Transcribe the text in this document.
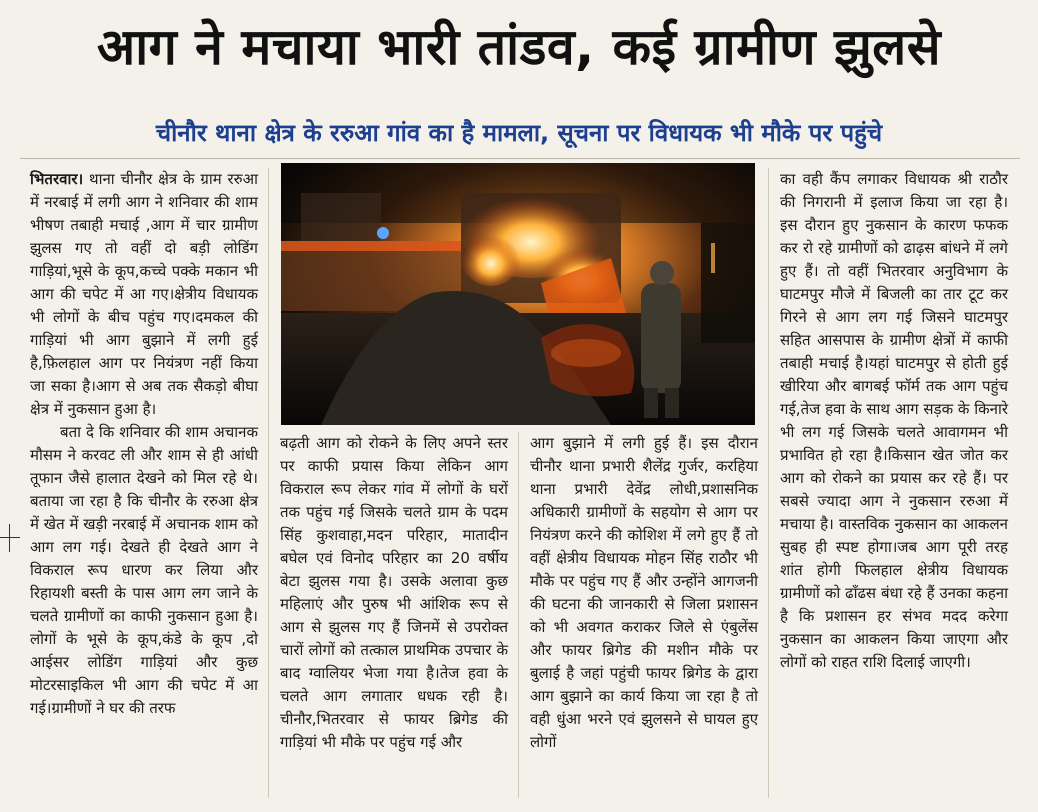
आग ने मचाया भारी तांडव, कई ग्रामीण झुलसे
चीनौर थाना क्षेत्र के ररुआ गांव का है मामला, सूचना पर विधायक भी मौके पर पहुंचे

भितरवार। थाना चीनौर क्षेत्र के ग्राम ररुआ में नरबाई में लगी आग ने शनिवार की शाम भीषण तबाही मचाई ,आग में चार ग्रामीण झुलस गए तो वहीं दो बड़ी लोडिंग गाड़ियां,भूसे के कूप,कच्चे पक्के मकान भी आग की चपेट में आ गए।क्षेत्रीय विधायक भी लोगों के बीच पहुंच गए।दमकल की गाड़ियां भी आग बुझाने में लगी हुई है,फ़िलहाल आग पर नियंत्रण नहीं किया जा सका है।आग से अब तक सैकड़ो बीघा क्षेत्र में नुकसान हुआ है।

बता दे कि शनिवार की शाम अचानक मौसम ने करवट ली और शाम से ही आंधी तूफान जैसे हालात देखने को मिल रहे थे।बताया जा रहा है कि चीनौर के ररुआ क्षेत्र में खेत में खड़ी नरबाई में अचानक शाम को आग लग गई। देखते ही देखते आग ने विकराल रूप धारण कर लिया और रिहायशी बस्ती के पास आग लग जाने के चलते ग्रामीणों का काफी नुकसान हुआ है। लोगों के भूसे के कूप,कंडे के कूप ,दो आईसर लोडिंग गाड़ियां और कुछ मोटरसाइकिल भी आग की चपेट में आ गई।ग्रामीणों ने घर की तरफ

बढ़ती आग को रोकने के लिए अपने स्तर पर काफी प्रयास किया लेकिन आग विकराल रूप लेकर गांव में लोगों के घरों तक पहुंच गई जिसके चलते ग्राम के पदम सिंह कुशवाहा,मदन परिहार, मातादीन बघेल एवं विनोद परिहार का 20 वर्षीय बेटा झुलस गया है। उसके अलावा कुछ महिलाएं और पुरुष भी आंशिक रूप से आग से झुलस गए हैं जिनमें से उपरोक्त चारों लोगों को तत्काल प्राथमिक उपचार के बाद ग्वालियर भेजा गया है।तेज हवा के चलते आग लगातार धधक रही है।चीनौर,भितरवार से फायर ब्रिगेड की गाड़ियां भी मौके पर पहुंच गई और

आग बुझाने में लगी हुई हैं। इस दौरान चीनौर थाना प्रभारी शैलेंद्र गुर्जर, करहिया थाना प्रभारी देवेंद्र लोधी,प्रशासनिक अधिकारी ग्रामीणों के सहयोग से आग पर नियंत्रण करने की कोशिश में लगे हुए हैं तो वहीं क्षेत्रीय विधायक मोहन सिंह राठौर भी मौके पर पहुंच गए हैं और उन्होंने आगजनी की घटना की जानकारी से जिला प्रशासन को भी अवगत कराकर जिले से एंबुलेंस और फायर ब्रिगेड की मशीन मौके पर बुलाई है जहां पहुंची फायर ब्रिगेड के द्वारा आग बुझाने का कार्य किया जा रहा है तो वही धुंआ भरने एवं झुलसने से घायल हुए लोगों

का वही कैंप लगाकर विधायक श्री राठौर की निगरानी में इलाज किया जा रहा है। इस दौरान हुए नुकसान के कारण फफक कर रो रहे ग्रामीणों को ढाढ़स बांधने में लगे हुए हैं। तो वहीं भितरवार अनुविभाग के घाटमपुर मौजे में बिजली का तार टूट कर गिरने से आग लग गई जिसने घाटमपुर सहित आसपास के ग्रामीण क्षेत्रों में काफी तबाही मचाई है।यहां घाटमपुर से होती हुई खीरिया और बागबई फॉर्म तक आग पहुंच गई,तेज हवा के साथ आग सड़क के किनारे भी लग गई जिसके चलते आवागमन भी प्रभावित हो रहा है।किसान खेत जोत कर आग को रोकने का प्रयास कर रहे हैं। पर सबसे ज्यादा आग ने नुकसान ररुआ में मचाया है। वास्तविक नुकसान का आकलन सुबह ही स्पष्ट होगा।जब आग पूरी तरह शांत होगी फिलहाल क्षेत्रीय विधायक ग्रामीणों को ढाँढस बंधा रहे हैं उनका कहना है कि प्रशासन हर संभव मदद करेगा नुकसान का आकलन किया जाएगा और लोगों को राहत राशि दिलाई जाएगी।
